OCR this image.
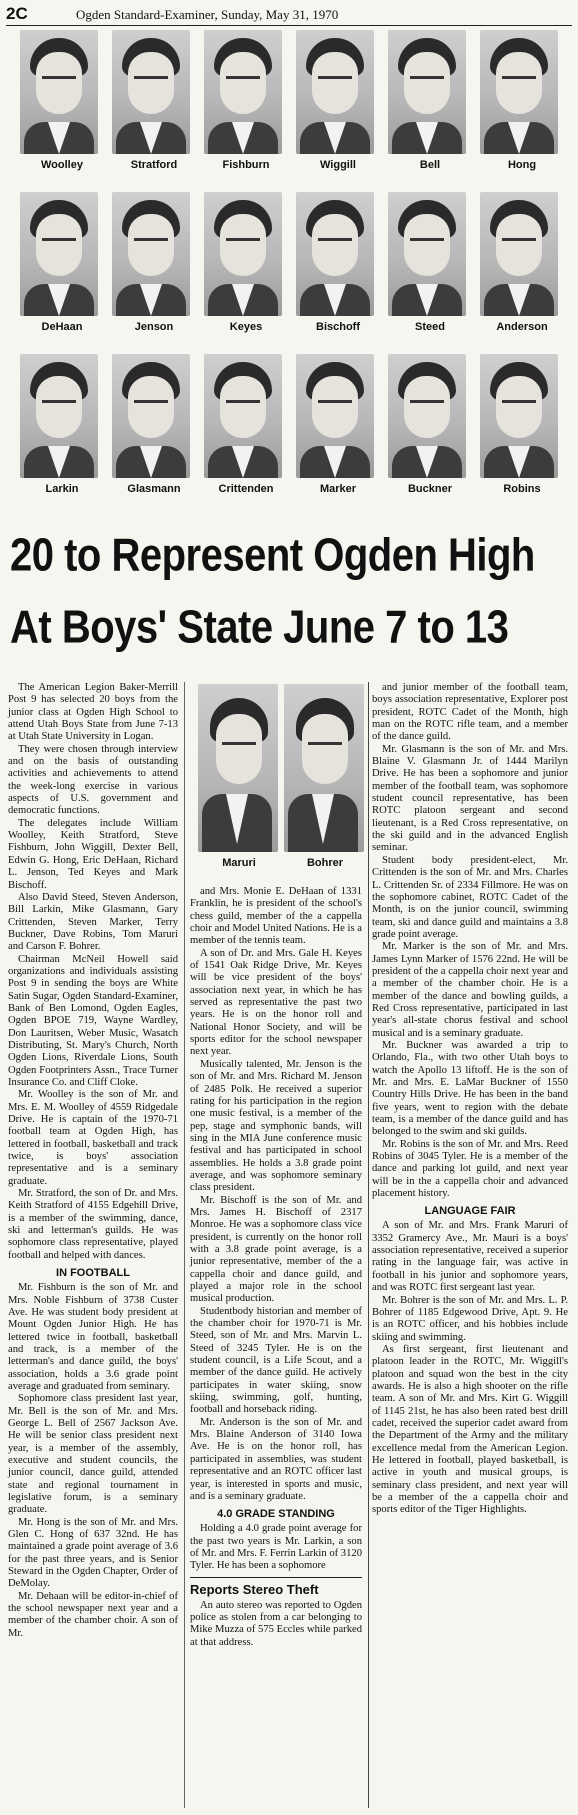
2C	Ogden Standard-Examiner, Sunday, May 31, 1970
Woolley	Stratford	Fishburn	Wiggill	Bell	Hong
DeHaan	Jenson	Keyes	Bischoff	Steed	Anderson
Larkin	Glasmann	Crittenden	Marker	Buckner	Robins
20 to Represent Ogden High
At Boys' State June 7 to 13

The American Legion Baker-Merrill Post 9 has selected 20 boys from the junior class at Ogden High School to attend Utah Boys State from June 7-13 at Utah State University in Logan.

They were chosen through interview and on the basis of outstanding activities and achievements to attend the week-long exercise in various aspects of U.S. government and democratic functions.

The delegates include William Woolley, Keith Stratford, Steve Fishburn, John Wiggill, Dexter Bell, Edwin G. Hong, Eric DeHaan, Richard L. Jenson, Ted Keyes and Mark Bischoff.

Also David Steed, Steven Anderson, Bill Larkin, Mike Glasmann, Gary Crittenden, Steven Marker, Terry Buckner, Dave Robins, Tom Maruri and Carson F. Bohrer.

Chairman McNeil Howell said organizations and individuals assisting Post 9 in sending the boys are White Satin Sugar, Ogden Standard-Examiner, Bank of Ben Lomond, Ogden Eagles, Ogden BPOE 719, Wayne Wardley, Don Lauritsen, Weber Music, Wasatch Distributing, St. Mary's Church, North Ogden Lions, Riverdale Lions, South Ogden Footprinters Assn., Trace Turner Insurance Co. and Cliff Cloke.

Mr. Woolley is the son of Mr. and Mrs. E. M. Woolley of 4559 Ridgedale Drive. He is captain of the 1970-71 football team at Ogden High, has lettered in football, basketball and track twice, is boys' association representative and is a seminary graduate.

Mr. Stratford, the son of Dr. and Mrs. Keith Stratford of 4155 Edgehill Drive, is a member of the swimming, dance, ski and letterman's guilds. He was sophomore class representative, played football and helped with dances.

IN FOOTBALL

Mr. Fishburn is the son of Mr. and Mrs. Noble Fishburn of 3738 Custer Ave. He was student body president at Mount Ogden Junior High. He has lettered twice in football, basketball and track, is a member of the letterman's and dance guild, the boys' association, holds a 3.6 grade point average and graduated from seminary.

Sophomore class president last year, Mr. Bell is the son of Mr. and Mrs. George L. Bell of 2567 Jackson Ave. He will be senior class president next year, is a member of the assembly, executive and student councils, the junior council, dance guild, attended state and regional tournament in legislative forum, is a seminary graduate.

Mr. Hong is the son of Mr. and Mrs. Glen C. Hong of 637 32nd. He has maintained a grade point average of 3.6 for the past three years, and is Senior Steward in the Ogden Chapter, Order of DeMolay.

Mr. Dehaan will be editor-in-chief of the school newspaper next year and a member of the chamber choir. A son of Mr.

Maruri	Bohrer

and Mrs. Monie E. DeHaan of 1331 Franklin, he is president of the school's chess guild, member of the a cappella choir and Model United Nations. He is a member of the tennis team.

A son of Dr. and Mrs. Gale H. Keyes of 1541 Oak Ridge Drive, Mr. Keyes will be vice president of the boys' association next year, in which he has served as representative the past two years. He is on the honor roll and National Honor Society, and will be sports editor for the school newspaper next year.

Musically talented, Mr. Jenson is the son of Mr. and Mrs. Richard M. Jenson of 2485 Polk. He received a superior rating for his participation in the region one music festival, is a member of the pep, stage and symphonic bands, will sing in the MIA June conference music festival and has participated in school assemblies. He holds a 3.8 grade point average, and was sophomore seminary class president.

Mr. Bischoff is the son of Mr. and Mrs. James H. Bischoff of 2317 Monroe. He was a sophomore class vice president, is currently on the honor roll with a 3.8 grade point average, is a junior representative, member of the a cappella choir and dance guild, and played a major role in the school musical production.

Studentbody historian and member of the chamber choir for 1970-71 is Mr. Steed, son of Mr. and Mrs. Marvin L. Steed of 3245 Tyler. He is on the student council, is a Life Scout, and a member of the dance guild. He actively participates in water skiing, snow skiing, swimming, golf, hunting, football and horseback riding.

Mr. Anderson is the son of Mr. and Mrs. Blaine Anderson of 3140 Iowa Ave. He is on the honor roll, has participated in assemblies, was student representative and an ROTC officer last year, is interested in sports and music, and is a seminary graduate.

4.0 GRADE STANDING

Holding a 4.0 grade point average for the past two years is Mr. Larkin, a son of Mr. and Mrs. F. Ferrin Larkin of 3120 Tyler. He has been a sophomore

Reports Stereo Theft

An auto stereo was reported to Ogden police as stolen from a car belonging to Mike Muzza of 575 Eccles while parked at that address.

and junior member of the football team, boys association representative, Explorer post president, ROTC Cadet of the Month, high man on the ROTC rifle team, and a member of the dance guild.

Mr. Glasmann is the son of Mr. and Mrs. Blaine V. Glasmann Jr. of 1444 Marilyn Drive. He has been a sophomore and junior member of the football team, was sophomore student council representative, has been ROTC platoon sergeant and second lieutenant, is a Red Cross representative, on the ski guild and in the advanced English seminar.

Student body president-elect, Mr. Crittenden is the son of Mr. and Mrs. Charles L. Crittenden Sr. of 2334 Fillmore. He was on the sophomore cabinet, ROTC Cadet of the Month, is on the junior council, swimming team, ski and dance guild and maintains a 3.8 grade point average.

Mr. Marker is the son of Mr. and Mrs. James Lynn Marker of 1576 22nd. He will be president of the a cappella choir next year and a member of the chamber choir. He is a member of the dance and bowling guilds, a Red Cross representative, participated in last year's all-state chorus festival and school musical and is a seminary graduate.

Mr. Buckner was awarded a trip to Orlando, Fla., with two other Utah boys to watch the Apollo 13 liftoff. He is the son of Mr. and Mrs. E. LaMar Buckner of 1550 Country Hills Drive. He has been in the band five years, went to region with the debate team, is a member of the dance guild and has belonged to the swim and ski guilds.

Mr. Robins is the son of Mr. and Mrs. Reed Robins of 3045 Tyler. He is a member of the dance and parking lot guild, and next year will be in the a cappella choir and advanced placement history.

LANGUAGE FAIR

A son of Mr. and Mrs. Frank Maruri of 3352 Gramercy Ave., Mr. Mauri is a boys' association representative, received a superior rating in the language fair, was active in football in his junior and sophomore years, and was ROTC first sergeant last year.

Mr. Bohrer is the son of Mr. and Mrs. L. P. Bohrer of 1185 Edgewood Drive, Apt. 9. He is an ROTC officer, and his hobbies include skiing and swimming.

As first sergeant, first lieutenant and platoon leader in the ROTC, Mr. Wiggill's platoon and squad won the best in the city awards. He is also a high shooter on the rifle team. A son of Mr. and Mrs. Kirt G. Wiggill of 1145 21st, he has also been rated best drill cadet, received the superior cadet award from the Department of the Army and the military excellence medal from the American Legion. He lettered in football, played basketball, is active in youth and musical groups, is seminary class president, and next year will be a member of the a cappella choir and sports editor of the Tiger Highlights.
